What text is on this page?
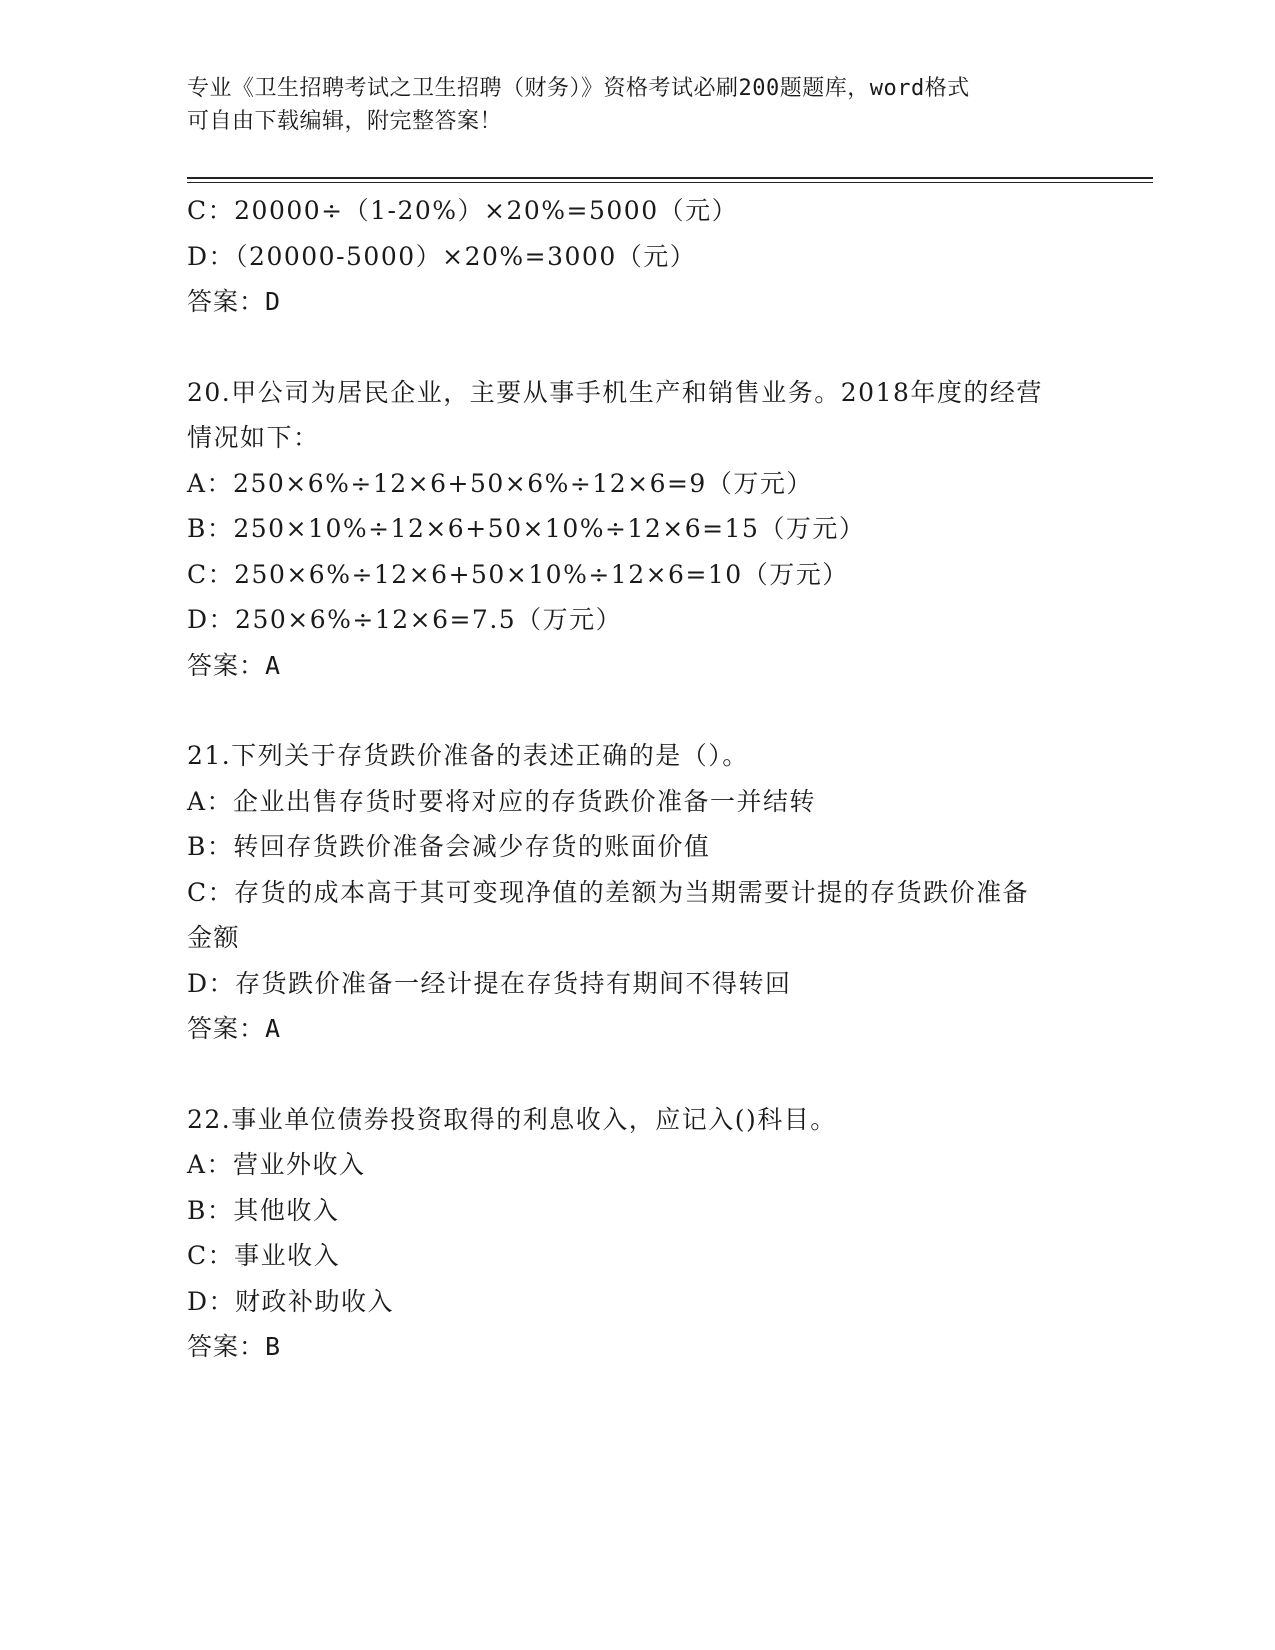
专业《卫生招聘考试之卫生招聘（财务）》资格考试必刷200题题库，word格式
可自由下载编辑，附完整答案！
C：20000÷（1-20%）×20%=5000（元）
D：（20000-5000）×20%=3000（元）
答案：D
20.甲公司为居民企业，主要从事手机生产和销售业务。2018年度的经营情况如下：
A：250×6%÷12×6+50×6%÷12×6=9（万元）
B：250×10%÷12×6+50×10%÷12×6=15（万元）
C：250×6%÷12×6+50×10%÷12×6=10（万元）
D：250×6%÷12×6=7.5（万元）
答案：A
21.下列关于存货跌价准备的表述正确的是（）。
A：企业出售存货时要将对应的存货跌价准备一并结转
B：转回存货跌价准备会减少存货的账面价值
C：存货的成本高于其可变现净值的差额为当期需要计提的存货跌价准备金额
D：存货跌价准备一经计提在存货持有期间不得转回
答案：A
22.事业单位债券投资取得的利息收入，应记入()科目。
A：营业外收入
B：其他收入
C：事业收入
D：财政补助收入
答案：B
